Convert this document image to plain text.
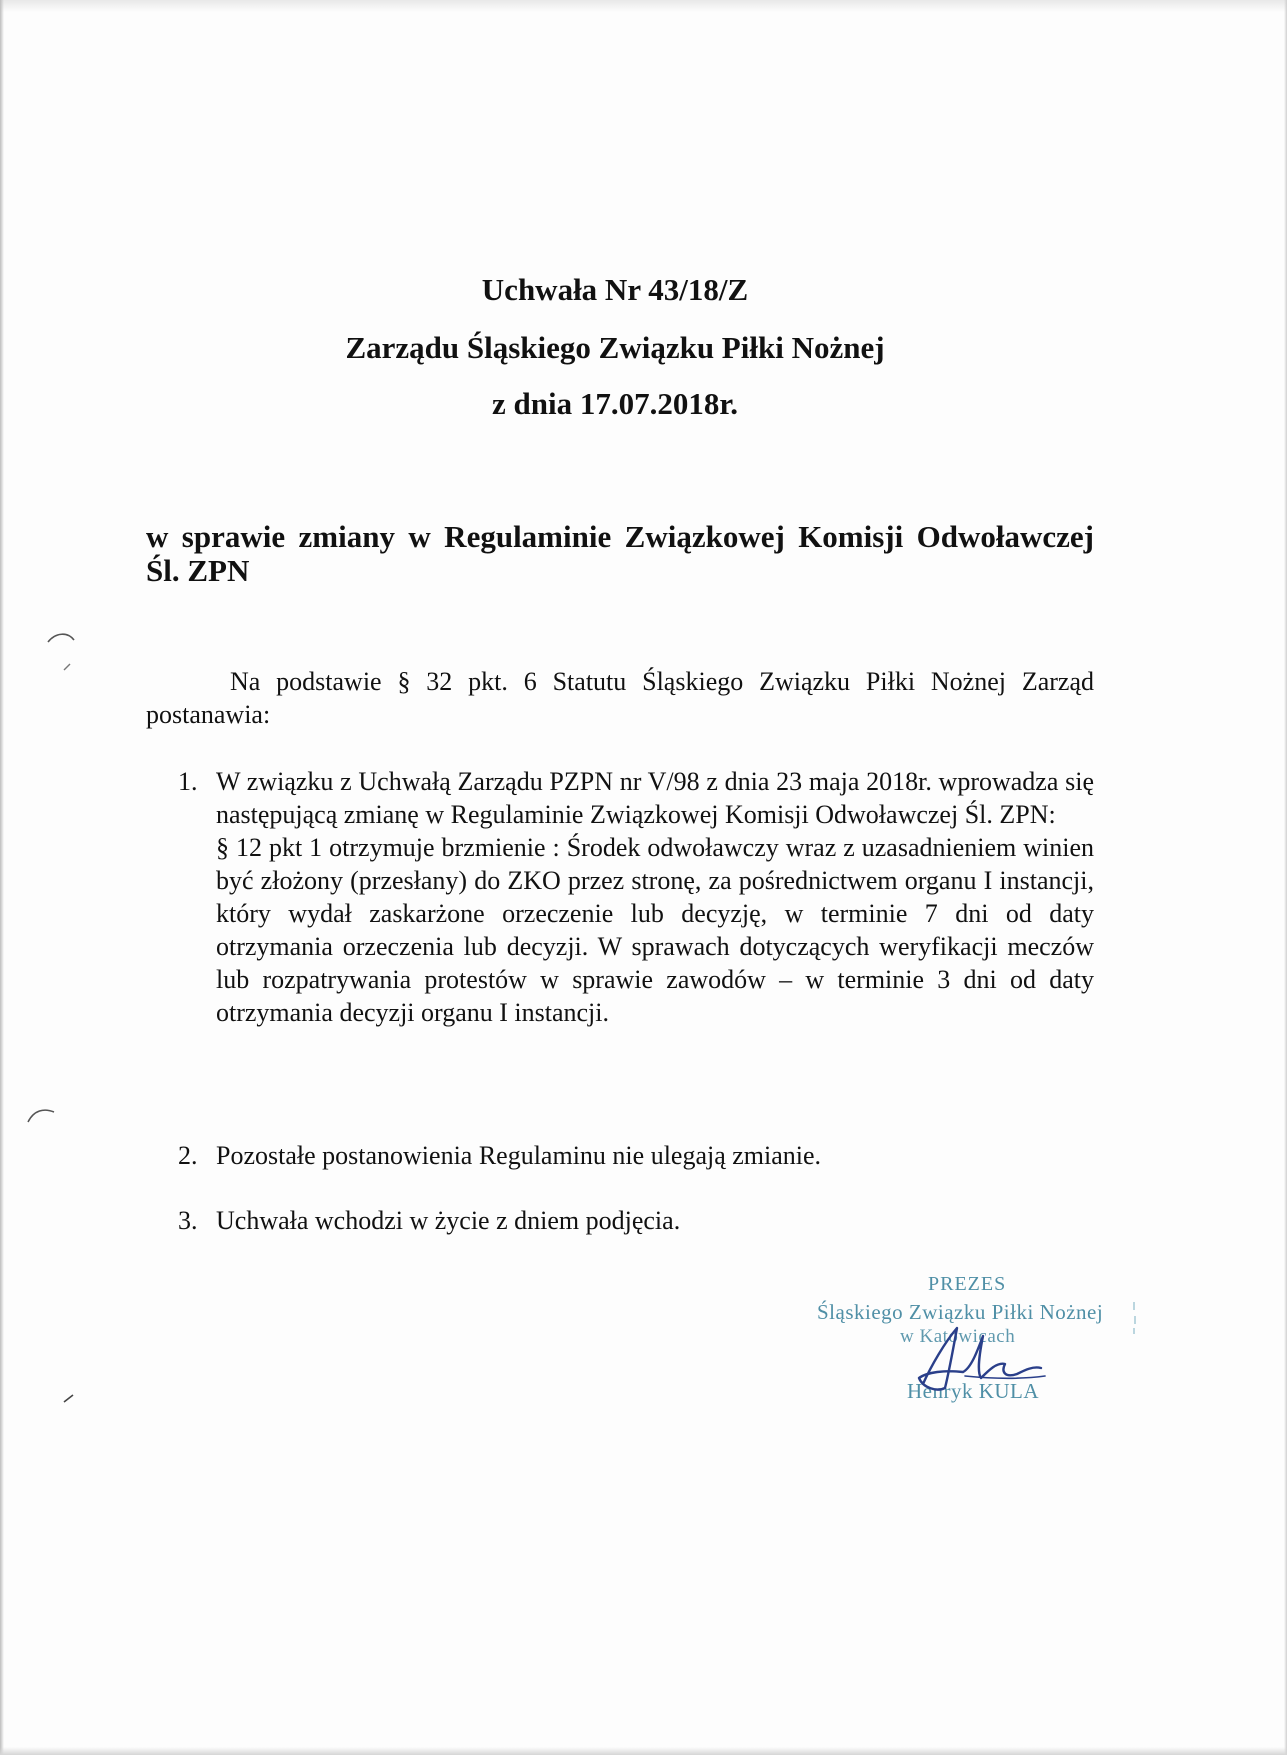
Uchwała Nr 43/18/Z
Zarządu Śląskiego Związku Piłki Nożnej
z dnia 17.07.2018r.

w sprawie zmiany w Regulaminie Związkowej Komisji Odwoławczej Śl. ZPN

Na podstawie § 32 pkt. 6 Statutu Śląskiego Związku Piłki Nożnej Zarząd postanawia:

1. W związku z Uchwałą Zarządu PZPN nr V/98 z dnia 23 maja 2018r. wprowadza się następującą zmianę w Regulaminie Związkowej Komisji Odwoławczej Śl. ZPN:

§ 12 pkt 1 otrzymuje brzmienie : Środek odwoławczy wraz z uzasadnieniem winien być złożony (przesłany) do ZKO przez stronę, za pośrednictwem organu I instancji, który wydał zaskarżone orzeczenie lub decyzję, w terminie 7 dni od daty otrzymania orzeczenia lub decyzji. W sprawach dotyczących weryfikacji meczów lub rozpatrywania protestów w sprawie zawodów – w terminie 3 dni od daty otrzymania decyzji organu I instancji.

2. Pozostałe postanowienia Regulaminu nie ulegają zmianie.

3. Uchwała wchodzi w życie z dniem podjęcia.

PREZES
Śląskiego Związku Piłki Nożnej
w Katowicach
Henryk KULA
